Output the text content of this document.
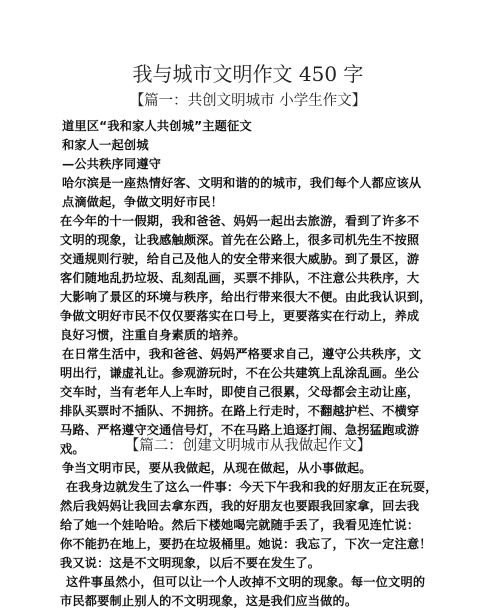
我与城市文明作文 450 字
【篇一：共创文明城市 小学生作文】
道里区“我和家人共创城”主题征文
和家人一起创城
—公共秩序同遵守
哈尔滨是一座热情好客、文明和谐的的城市，我们每个人都应该从
点滴做起，争做文明好市民！
在今年的十一假期，我和爸爸、妈妈一起出去旅游，看到了许多不
文明的现象，让我感触颇深。首先在公路上，很多司机先生不按照
交通规则行驶，给自己及他人的安全带来很大威胁。到了景区，游
客们随地乱扔垃圾、乱刻乱画，买票不排队，不注意公共秩序，大
大影响了景区的环境与秩序，给出行带来很大不便。由此我认识到，
争做文明好市民不仅仅要落实在口号上，更要落实在行动上，养成
良好习惯，注重自身素质的培养。
在日常生活中，我和爸爸、妈妈严格要求自己，遵守公共秩序，文
明出行，谦虚礼让。参观游玩时，不在公共建筑上乱涂乱画。坐公
交车时，当有老年人上车时，即使自己很累，父母都会主动让座，
排队买票时不插队、不拥挤。在路上行走时，不翻越护栏、不横穿
马路、严格遵守交通信号灯，不在马路上追逐打闹、急拐猛跑或游
戏。	【篇二：创建文明城市从我做起作文】
争当文明市民，要从我做起，从现在做起，从小事做起。
在我身边就发生了这么一件事：今天下午我和我的好朋友正在玩耍，
然后我妈妈让我回去拿东西，我的好朋友也要跟我回家拿，回去我
给了她一个娃哈哈。然后下楼她喝完就随手丢了，我看见连忙说：
你不能扔在地上，要扔在垃圾桶里。她说：我忘了，下次一定注意！
我又说：这是不文明现象，以后不要在发生了。
这件事虽然小，但可以让一个人改掉不文明的现象。每一位文明的
市民都要制止别人的不文明现象，这是我们应当做的。
